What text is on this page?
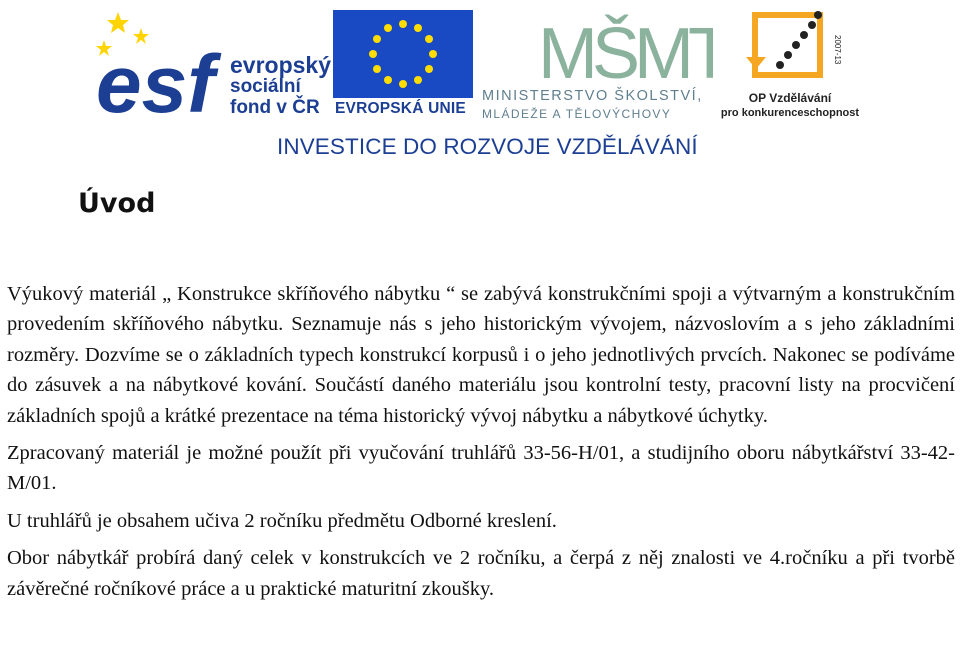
esf evropský
sociální
fond v ČR EVROPSKÁ UNIE
MŠMT
MINISTERSTVO ŠKOLSTVÍ,
MLÁDEŽE A TĚLOVÝCHOVY
2007-13
OP Vzdělávání
pro konkurenceschopnost
INVESTICE DO ROZVOJE VZDĚLÁVÁNÍ
Úvod

Výukový materiál „ Konstrukce skříňového nábytku “ se zabývá konstrukčními spoji a výtvarným a konstrukčním provedením skříňového nábytku. Seznamuje nás s jeho historickým vývojem, názvoslovím a s jeho základními rozměry. Dozvíme se o základních typech konstrukcí korpusů i o jeho jednotlivých prvcích. Nakonec se podíváme do zásuvek a na nábytkové kování. Součástí daného materiálu jsou kontrolní testy, pracovní listy na procvičení základních spojů a krátké prezentace na téma historický vývoj nábytku a nábytkové úchytky.

Zpracovaný materiál je možné použít při vyučování truhlářů 33-56-H/01, a studijního oboru nábytkářství 33-42-M/01.

U truhlářů je obsahem učiva 2 ročníku předmětu Odborné kreslení.

Obor nábytkář probírá daný celek v konstrukcích ve 2 ročníku, a čerpá z něj znalosti ve 4.ročníku a při tvorbě závěrečné ročníkové práce a u praktické maturitní zkoušky.
